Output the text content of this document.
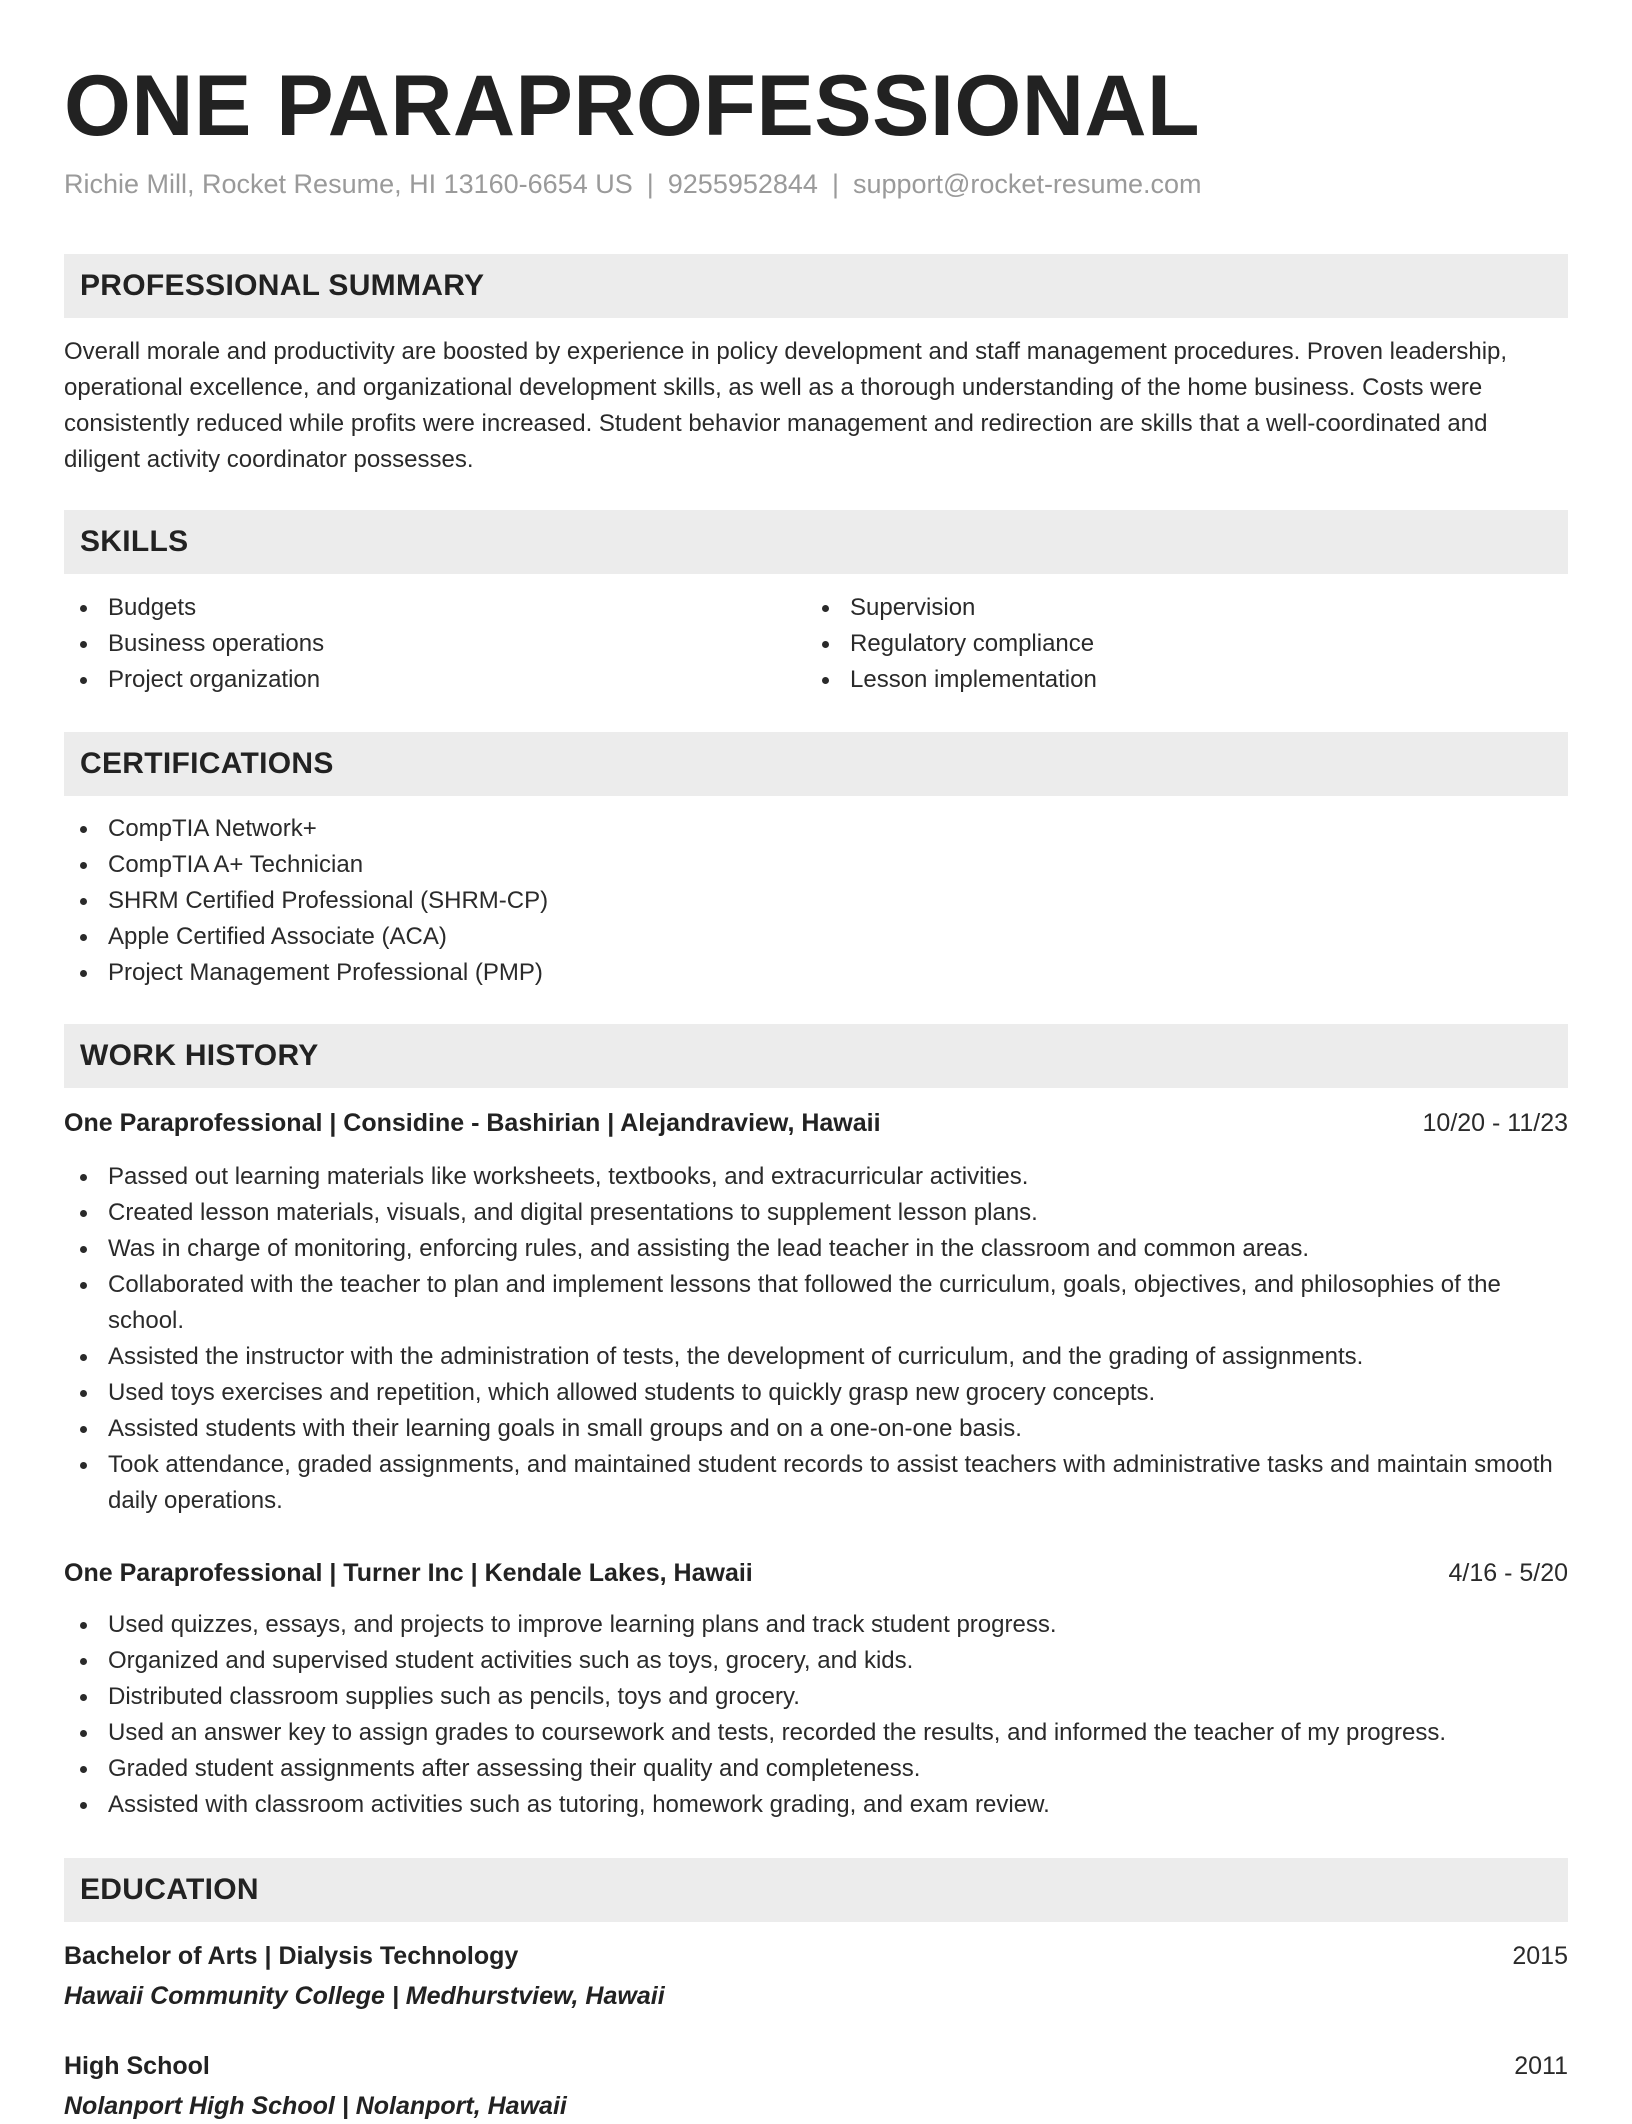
ONE PARAPROFESSIONAL
Richie Mill, Rocket Resume, HI 13160-6654 US | 9255952844 | support@rocket-resume.com
PROFESSIONAL SUMMARY

Overall morale and productivity are boosted by experience in policy development and staff management procedures. Proven leadership, operational excellence, and organizational development skills, as well as a thorough understanding of the home business. Costs were consistently reduced while profits were increased. Student behavior management and redirection are skills that a well-coordinated and diligent activity coordinator possesses.

SKILLS
Budgets
Business operations
Project organization
Supervision
Regulatory compliance
Lesson implementation
CERTIFICATIONS
CompTIA Network+
CompTIA A+ Technician
SHRM Certified Professional (SHRM-CP)
Apple Certified Associate (ACA)
Project Management Professional (PMP)
WORK HISTORY
One Paraprofessional | Considine - Bashirian | Alejandraview, Hawaii	10/20 - 11/23
Passed out learning materials like worksheets, textbooks, and extracurricular activities.
Created lesson materials, visuals, and digital presentations to supplement lesson plans.
Was in charge of monitoring, enforcing rules, and assisting the lead teacher in the classroom and common areas.
Collaborated with the teacher to plan and implement lessons that followed the curriculum, goals, objectives, and philosophies of the school.
Assisted the instructor with the administration of tests, the development of curriculum, and the grading of assignments.
Used toys exercises and repetition, which allowed students to quickly grasp new grocery concepts.
Assisted students with their learning goals in small groups and on a one-on-one basis.
Took attendance, graded assignments, and maintained student records to assist teachers with administrative tasks and maintain smooth daily operations.
One Paraprofessional | Turner Inc | Kendale Lakes, Hawaii	4/16 - 5/20
Used quizzes, essays, and projects to improve learning plans and track student progress.
Organized and supervised student activities such as toys, grocery, and kids.
Distributed classroom supplies such as pencils, toys and grocery.
Used an answer key to assign grades to coursework and tests, recorded the results, and informed the teacher of my progress.
Graded student assignments after assessing their quality and completeness.
Assisted with classroom activities such as tutoring, homework grading, and exam review.
EDUCATION
Bachelor of Arts | Dialysis Technology	2015
Hawaii Community College | Medhurstview, Hawaii
High School	2011
Nolanport High School | Nolanport, Hawaii
